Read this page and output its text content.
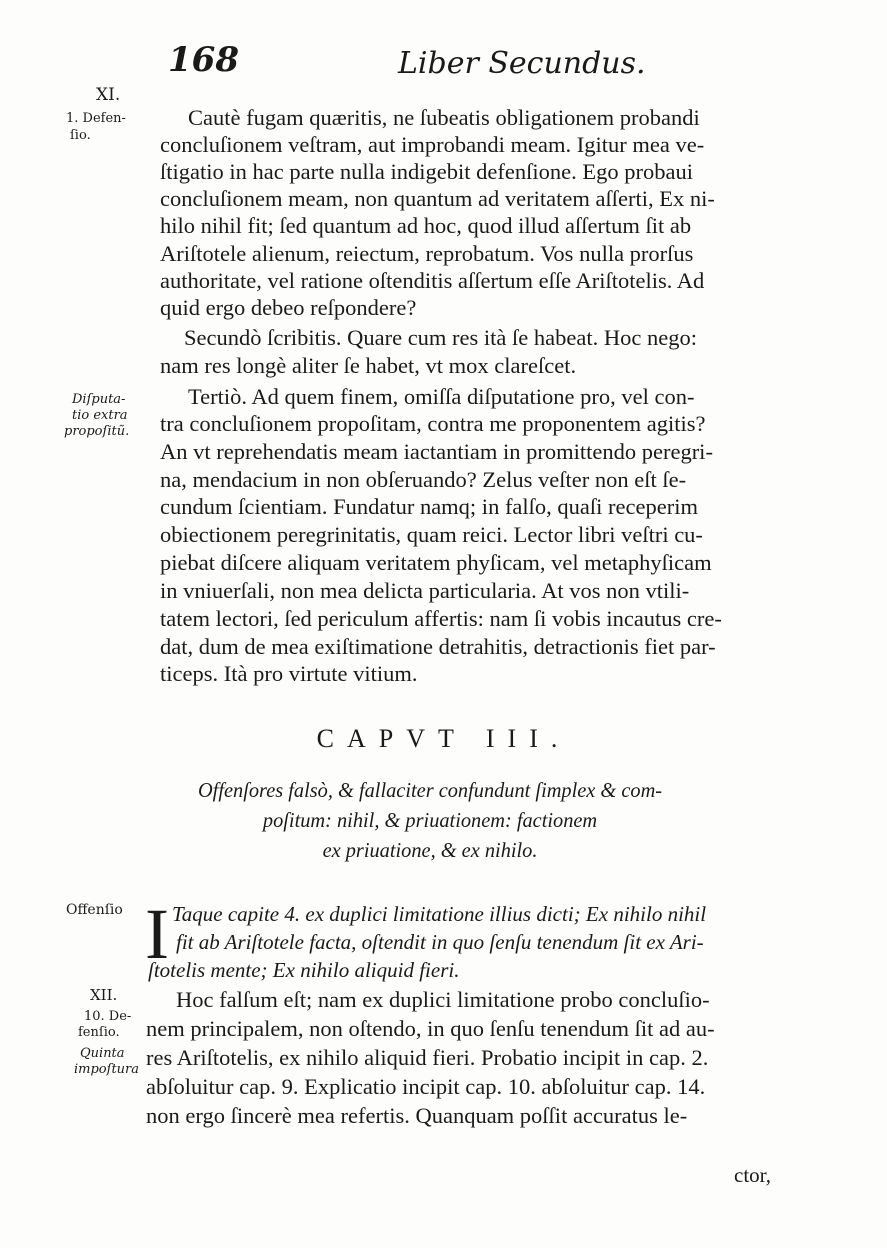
168	Liber Secundus.
XI.
1. Defen-
ſio.
Diſputa-
tio extra
propoſitũ.
Offenſio
XII.
10. De-
fenſio.
Quinta
impoſtura
Cautè fugam quæritis, ne ſubeatis obligationem probandi
concluſionem veſtram, aut improbandi meam. Igitur mea ve-
ſtigatio in hac parte nulla indigebit defenſione. Ego probaui
concluſionem meam, non quantum ad veritatem aſſerti, Ex ni-
hilo nihil fit; ſed quantum ad hoc, quod illud aſſertum ſit ab
Ariſtotele alienum, reiectum, reprobatum. Vos nulla prorſus
authoritate, vel ratione oſtenditis aſſertum eſſe Ariſtotelis. Ad
quid ergo debeo reſpondere?
Secundò ſcribitis. Quare cum res ità ſe habeat. Hoc nego:
nam res longè aliter ſe habet, vt mox clareſcet.
Tertiò. Ad quem finem, omiſſa diſputatione pro, vel con-
tra concluſionem propoſitam, contra me proponentem agitis?
An vt reprehendatis meam iactantiam in promittendo peregri-
na, mendacium in non obſeruando? Zelus veſter non eſt ſe-
cundum ſcientiam. Fundatur namq; in falſo, quaſi receperim
obiectionem peregrinitatis, quam reici. Lector libri veſtri cu-
piebat diſcere aliquam veritatem phyſicam, vel metaphyſicam
in vniuerſali, non mea delicta particularia. At vos non vtili-
tatem lectori, ſed periculum affertis: nam ſi vobis incautus cre-
dat, dum de mea exiſtimatione detrahitis, detractionis fiet par-
ticeps. Ità pro virtute vitium.
CAPVT III.
Offenſores falsò, & fallaciter confundunt ſimplex & com-
poſitum: nihil, & priuationem: factionem
ex priuatione, & ex nihilo.
I Taque capite 4. ex duplici limitatione illius dicti; Ex nihilo nihil
fit ab Ariſtotele facta, oſtendit in quo ſenſu tenendum ſit ex Ari-
ſtotelis mente; Ex nihilo aliquid fieri.
Hoc falſum eſt; nam ex duplici limitatione probo concluſio-
nem principalem, non oſtendo, in quo ſenſu tenendum ſit ad au-
res Ariſtotelis, ex nihilo aliquid fieri. Probatio incipit in cap. 2.
abſoluitur cap. 9. Explicatio incipit cap. 10. abſoluitur cap. 14.
non ergo ſincerè mea refertis. Quanquam poſſit accuratus le-
ctor,
